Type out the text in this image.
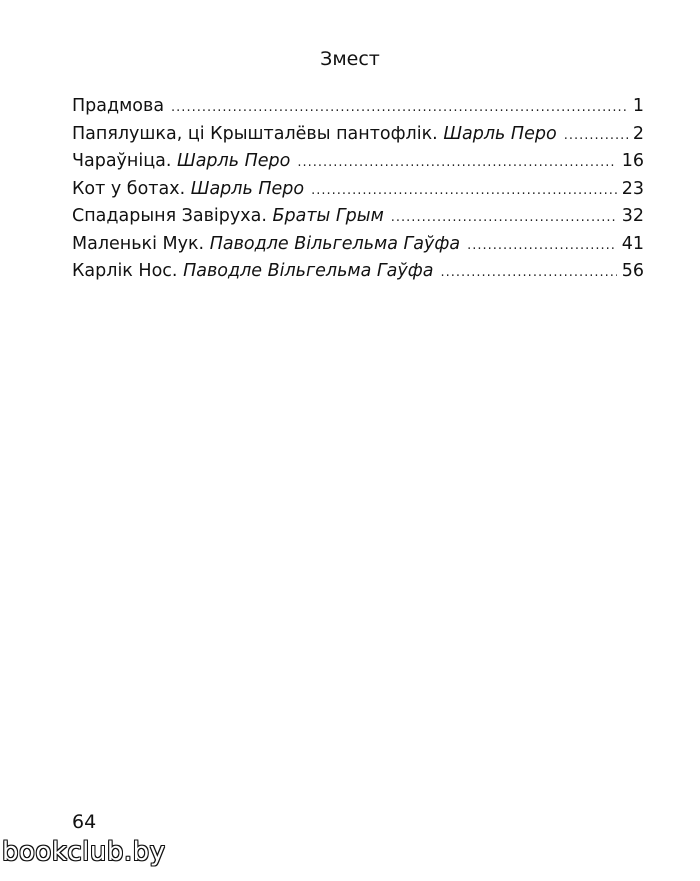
Змест
Прадмова .....	1
Папялушка, ці Крышталёвы пантофлік.
Шарль Перо .....	2
Чараўніца.
Шарль Перо .....	16
Кот у ботах.
Шарль Перо .....	23
Спадарыня Завіруха.
Браты Грым .....	32
Маленькі Мук.
Паводле Вільгельма Гаўфа .....	41
Карлік Нос.
Паводле Вільгельма Гаўфа .....	56
64
bookclub.by
